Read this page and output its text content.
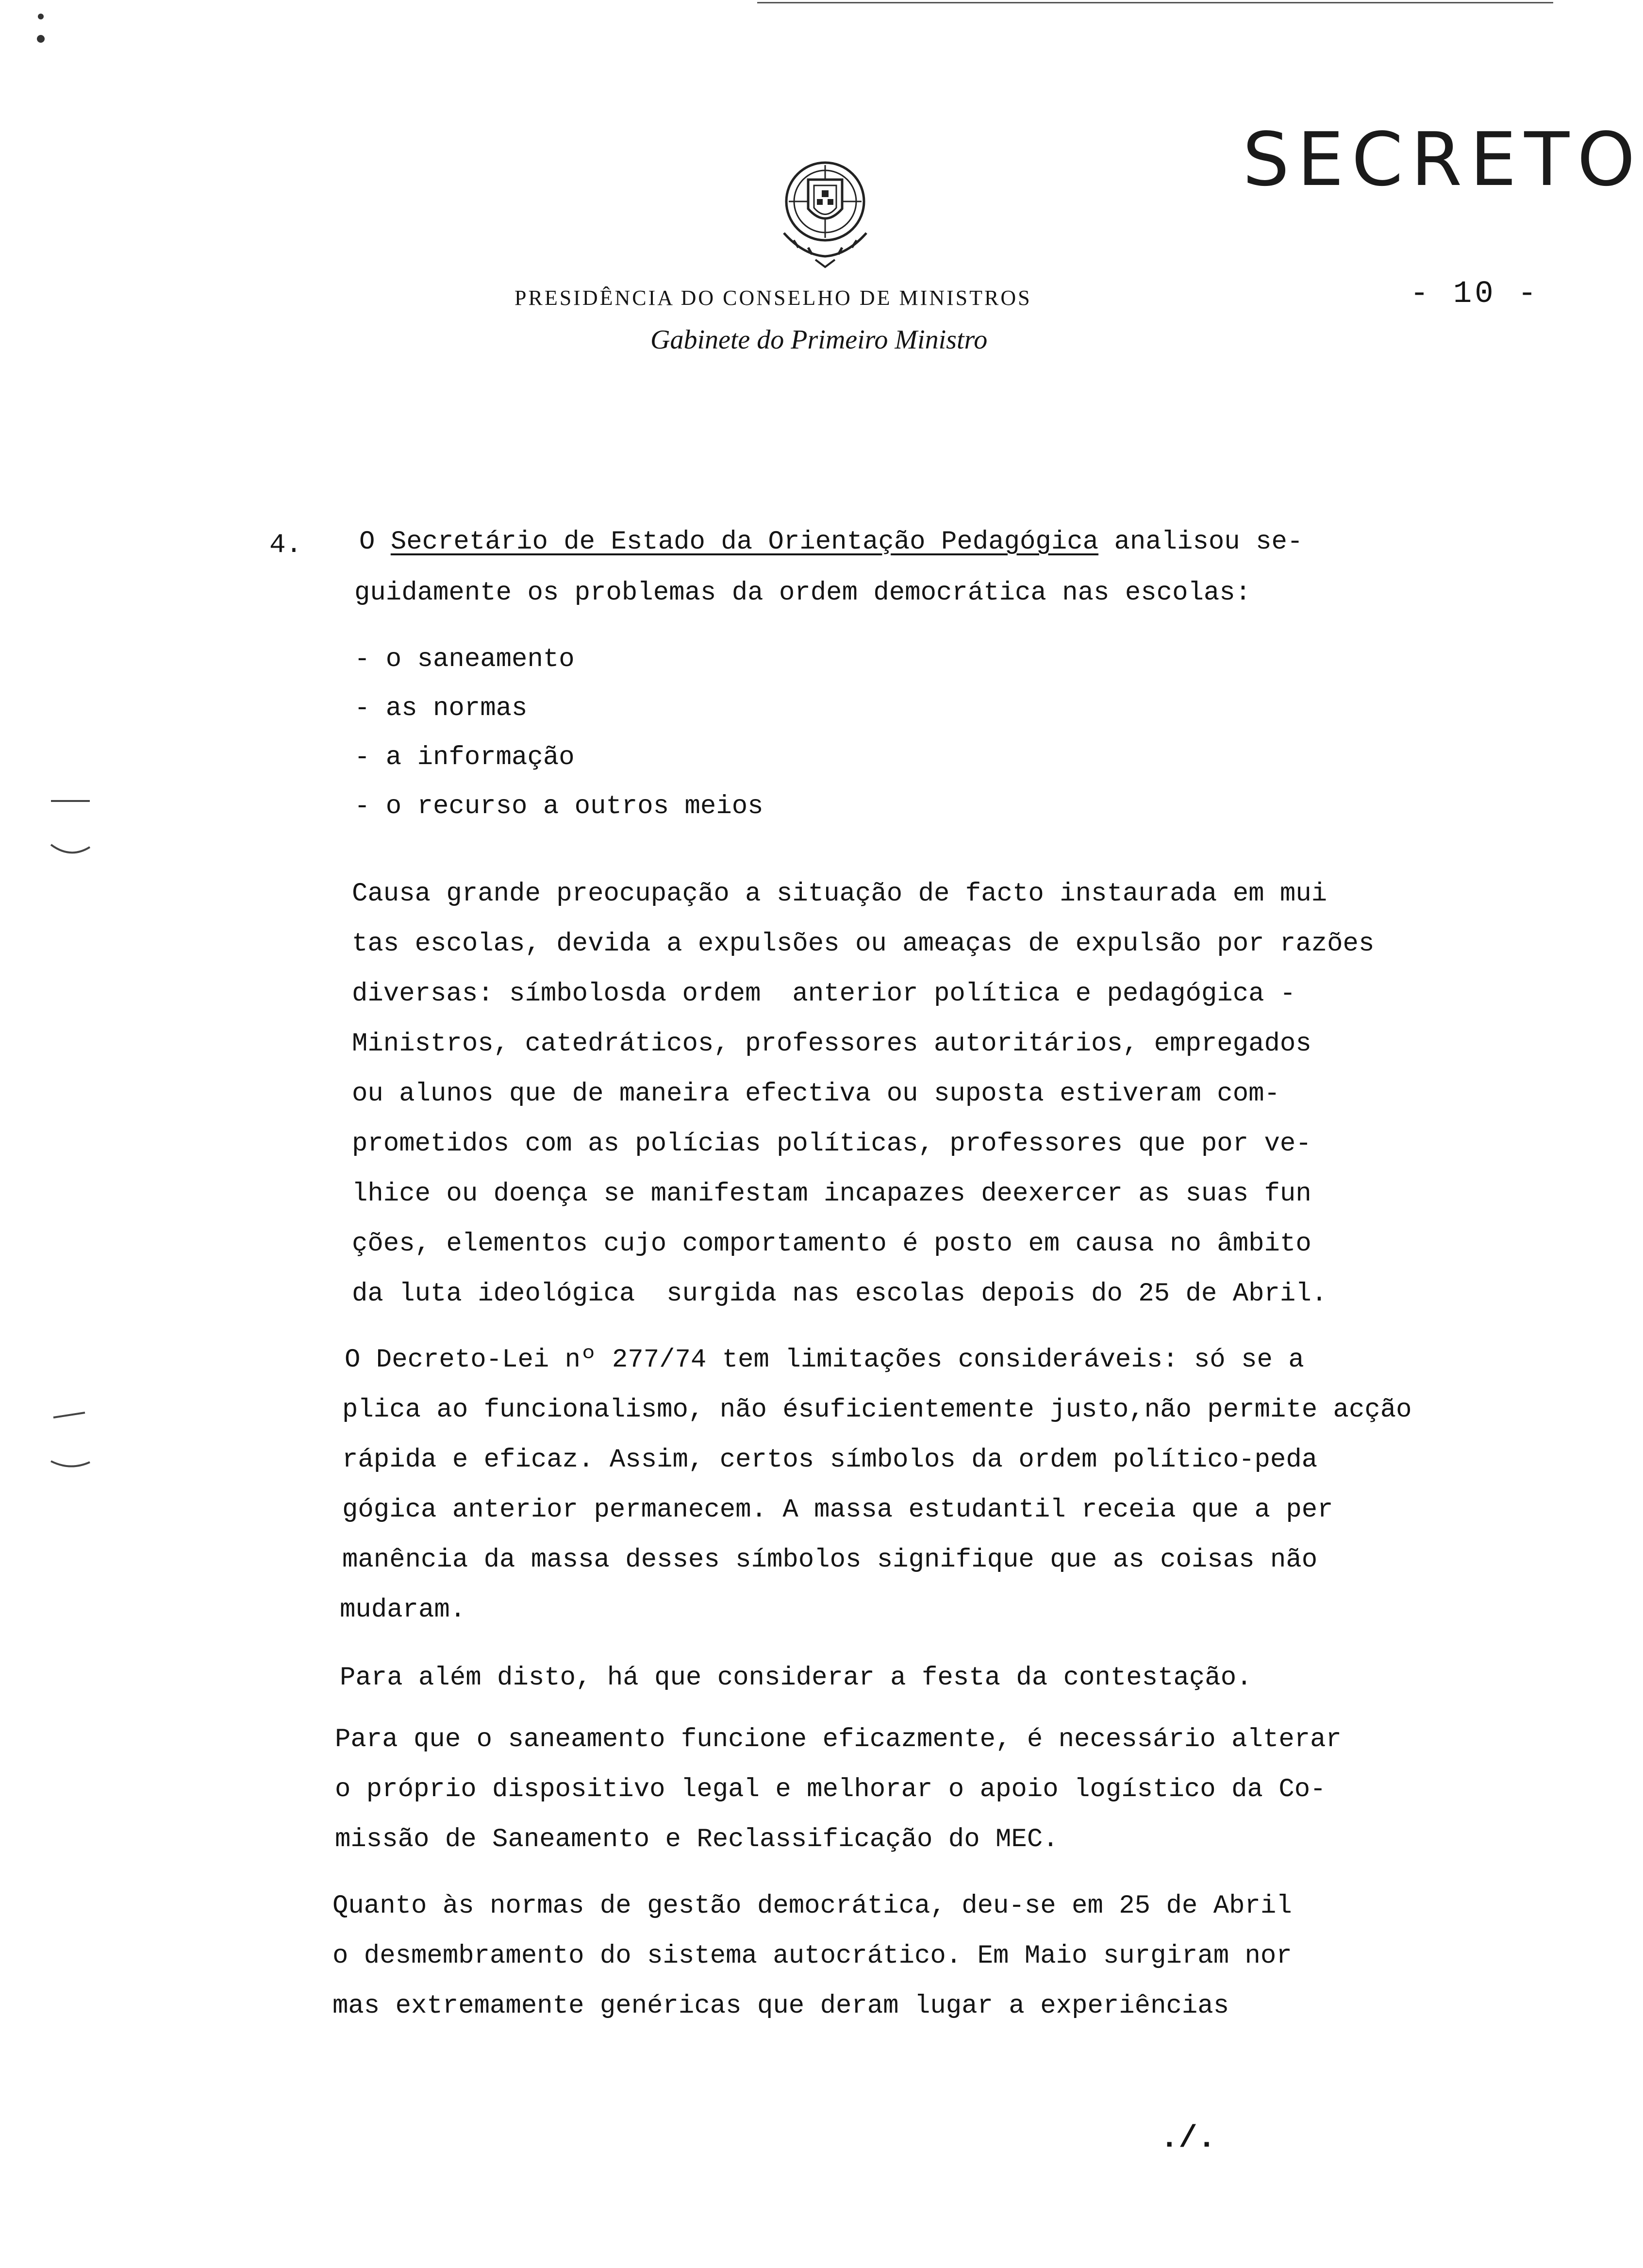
SECRETO
- 10 -
PRESIDÊNCIA DO CONSELHO DE MINISTROS
Gabinete do Primeiro Ministro
4.

O Secretário de Estado da Orientação Pedagógica analisou se-

guidamente os problemas da ordem democrática nas escolas:

- o saneamento

- as normas

- a informação

- o recurso a outros meios

Causa grande preocupação a situação de facto instaurada em mui

tas escolas, devida a expulsões ou ameaças de expulsão por razões

diversas: símbolosda ordem  anterior política e pedagógica -

Ministros, catedráticos, professores autoritários, empregados

ou alunos que de maneira efectiva ou suposta estiveram com-

prometidos com as polícias políticas, professores que por ve-

lhice ou doença se manifestam incapazes deexercer as suas fun

ções, elementos cujo comportamento é posto em causa no âmbito

da luta ideológica  surgida nas escolas depois do 25 de Abril.

O Decreto-Lei nº 277/74 tem limitações consideráveis: só se a

plica ao funcionalismo, não ésuficientemente justo,não permite acção

rápida e eficaz. Assim, certos símbolos da ordem político-peda

gógica anterior permanecem. A massa estudantil receia que a per

manência da massa desses símbolos signifique que as coisas não

mudaram.

Para além disto, há que considerar a festa da contestação.

Para que o saneamento funcione eficazmente, é necessário alterar

o próprio dispositivo legal e melhorar o apoio logístico da Co-

missão de Saneamento e Reclassificação do MEC.

Quanto às normas de gestão democrática, deu-se em 25 de Abril

o desmembramento do sistema autocrático. Em Maio surgiram nor

mas extremamente genéricas que deram lugar a experiências

./.
